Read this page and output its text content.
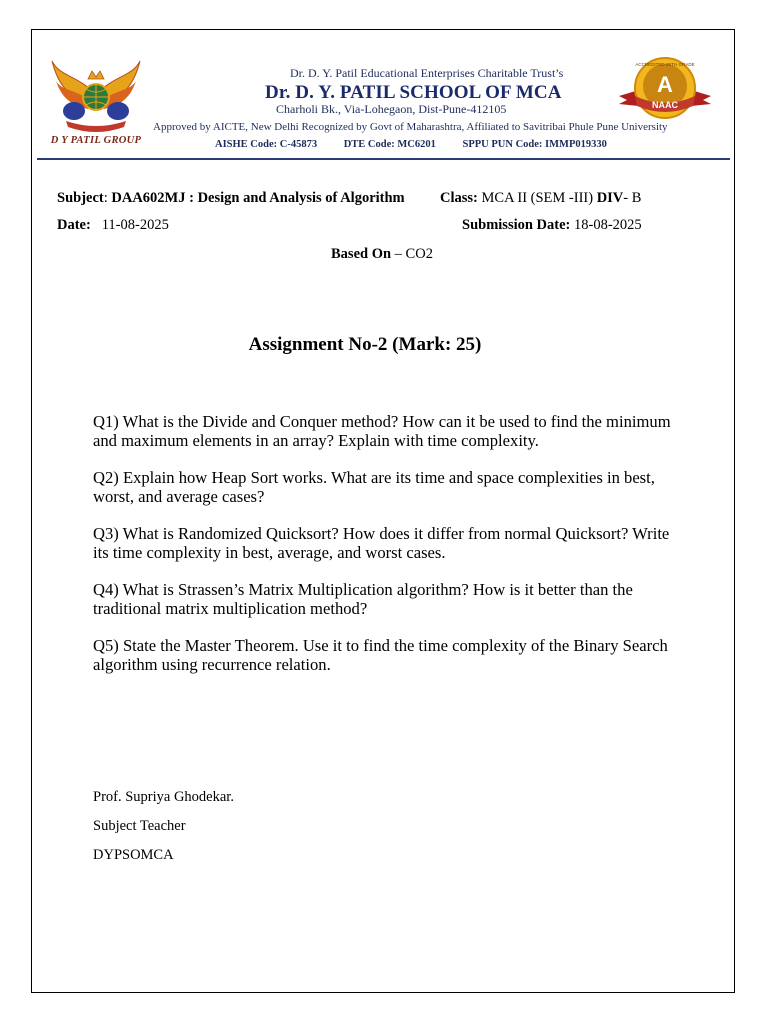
D Y PATIL GROUP
A
NAAC
ACCREDITED WITH GRADE
Dr. D. Y. Patil Educational Enterprises Charitable Trust’s
Dr. D. Y. PATIL SCHOOL OF MCA
Charholi Bk., Via-Lohegaon, Dist-Pune-412105
Approved by AICTE, New Delhi Recognized by Govt of Maharashtra, Affiliated to Savitribai Phule Pune University
AISHE Code: C-45873	DTE Code: MC6201	SPPU PUN Code: IMMP019330
Subject: DAA602MJ : Design and Analysis of Algorithm Class: MCA II (SEM -III) DIV- B
Date: 11-08-2025	Submission Date: 18-08-2025
Based On – CO2
Assignment No-2 (Mark: 25)

Q1) What is the Divide and Conquer method? How can it be used to find the minimum and maximum elements in an array? Explain with time complexity.

Q2) Explain how Heap Sort works. What are its time and space complexities in best, worst, and average cases?

Q3) What is Randomized Quicksort? How does it differ from normal Quicksort? Write its time complexity in best, average, and worst cases.

Q4) What is Strassen’s Matrix Multiplication algorithm? How is it better than the traditional matrix multiplication method?

Q5) State the Master Theorem. Use it to find the time complexity of the Binary Search algorithm using recurrence relation.

Prof. Supriya Ghodekar.
Subject Teacher
DYPSOMCA
